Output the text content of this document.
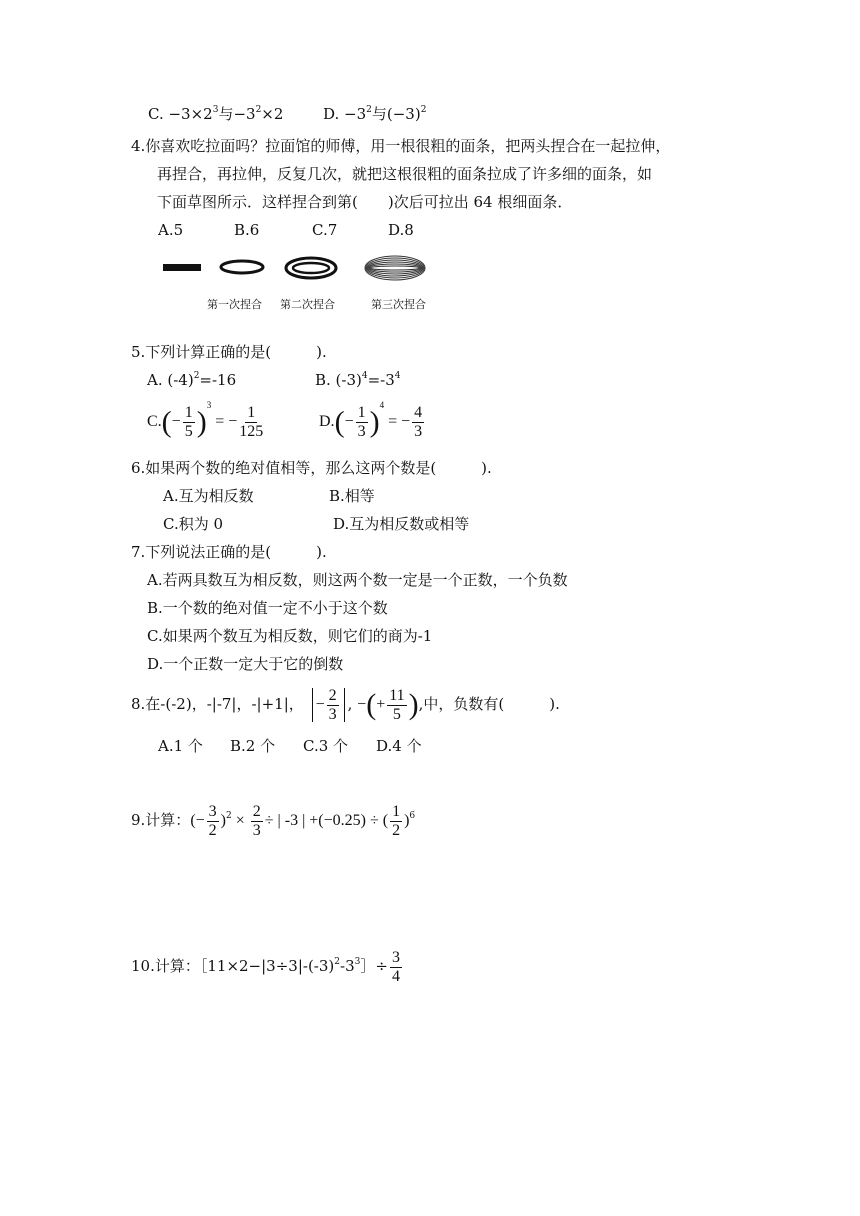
C. $-3\times 2^3$与$-3^2\times 2$	D. $-3^2$与$(-3)^2$
4.你喜欢吃拉面吗？拉面馆的师傅，用一根很粗的面条，把两头捏合在一起拉伸，
再捏合，再拉伸，反复几次，就把这根很粗的面条拉成了许多细的面条，如
下面草图所示．这样捏合到第(　　)次后可拉出 64 根细面条．
A.5	B.6	C.7	D.8
第一次捏合 第二次捏合	第三次捏合
5.下列计算正确的是(　　　).
A. $(-4)^2=-16$	B. $(-3)^4=-3^4$
$C.(- \frac{1}{5} )^3$ = − $\frac{1}{125}$	$D.(- \frac{1}{3} )^4$ = − $\frac{4}{3}$
6.如果两个数的绝对值相等，那么这两个数是(　　　).
A.互为相反数	B.相等
C.积为 0	D.互为相反数或相等
7.下列说法正确的是(　　　).
A.若两具数互为相反数，则这两个数一定是一个正数，一个负数
B.一个数的绝对值一定不小于这个数
C.如果两个数互为相反数，则它们的商为-1
D.一个正数一定大于它的倒数
8.在-(-2)，-|-7|，-|+1|， − $\frac{2}{3}$ , −(+ $\frac{11}{5}$ ),中，负数有(　　　).
A.1 个 B.2 个 C.3 个 D.4 个
9.计算：(− $\frac{3}{2} )^2 \times \frac{2}{3}$ ÷ | -3 | +(−0.25) ÷ ( $\frac{1}{2} )^6$
10.计算：$[11\times 2-|3\div 3|-(-3)^2-3^3]\div \frac{3}{4}$
